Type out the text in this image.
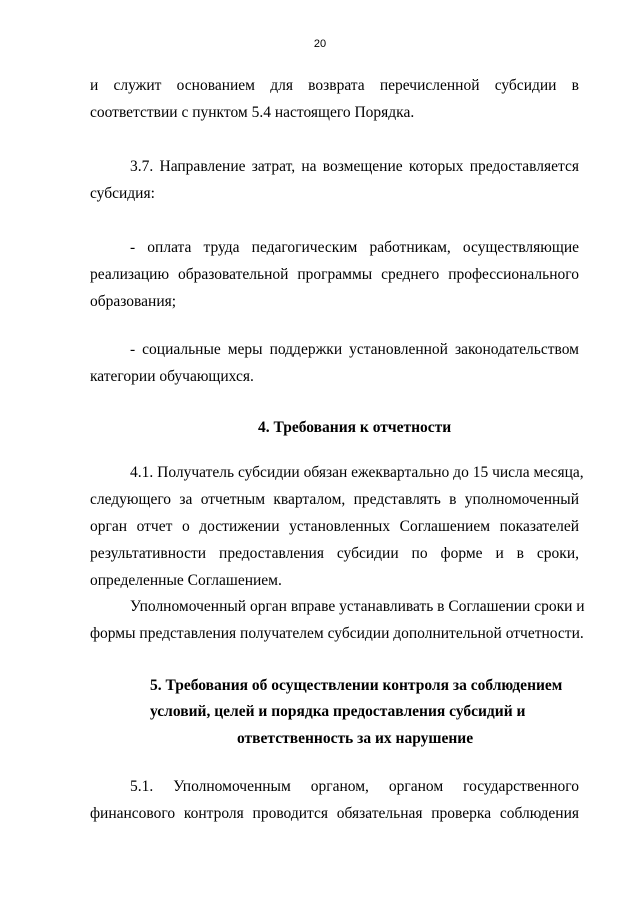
20
и служит основанием для возврата перечисленной субсидии в
соответствии с пунктом 5.4 настоящего Порядка.
3.7. Направление затрат, на возмещение которых предоставляется
субсидия:
- оплата труда педагогическим работникам, осуществляющие
реализацию образовательной программы среднего профессионального
образования;
- социальные меры поддержки установленной законодательством
категории обучающихся.
4. Требования к отчетности
4.1. Получатель субсидии обязан ежеквартально до 15 числа месяца,
следующего за отчетным кварталом, представлять в уполномоченный
орган отчет о достижении установленных Соглашением показателей
результативности предоставления субсидии по форме и в сроки,
определенные Соглашением.
Уполномоченный орган вправе устанавливать в Соглашении сроки и
формы представления получателем субсидии дополнительной отчетности.
5. Требования об осуществлении контроля за соблюдением
условий, целей и порядка предоставления субсидий и
ответственность за их нарушение
5.1. Уполномоченным органом, органом государственного
финансового контроля проводится обязательная проверка соблюдения
